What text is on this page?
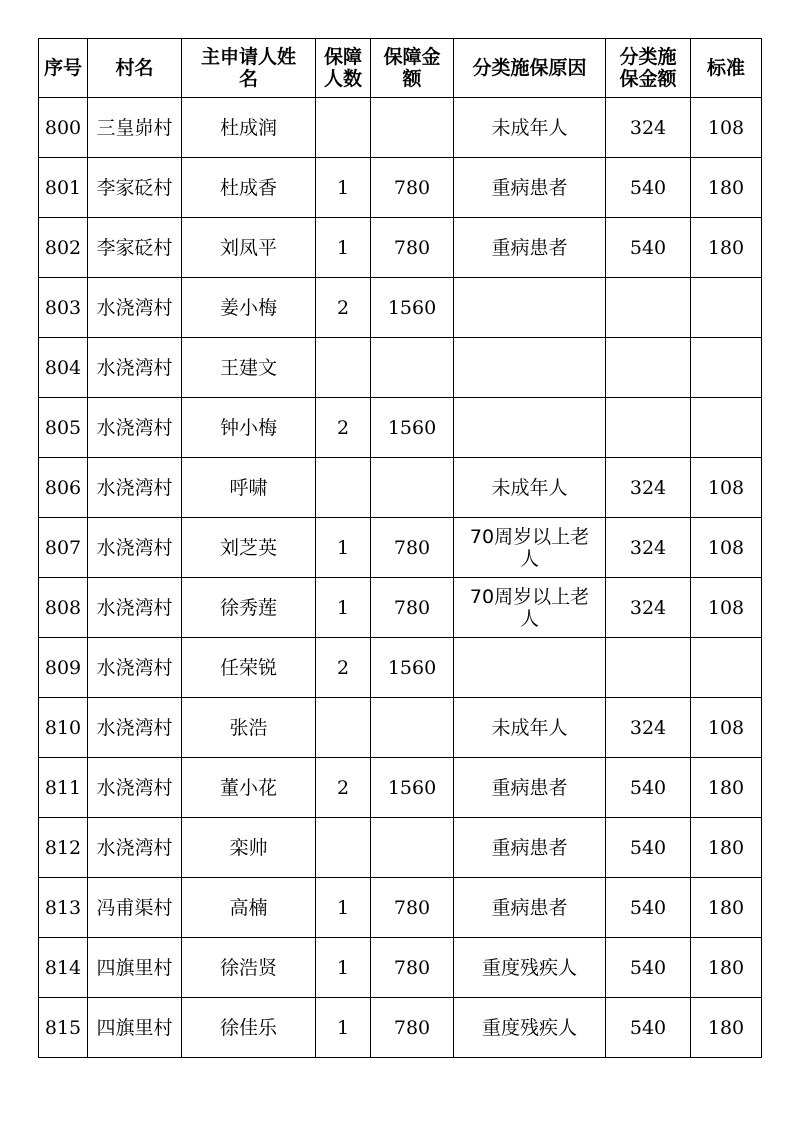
序号	村名	主申请人姓名	保障人数	保障金额	分类施保原因	分类施保金额	标准
800	三皇峁村	杜成润			未成年人	324	108
801	李家砭村	杜成香	1	780	重病患者	540	180
802	李家砭村	刘凤平	1	780	重病患者	540	180
803	水浇湾村	姜小梅	2	1560			
804	水浇湾村	王建文					
805	水浇湾村	钟小梅	2	1560			
806	水浇湾村	呼啸			未成年人	324	108
807	水浇湾村	刘芝英	1	780	70周岁以上老人	324	108
808	水浇湾村	徐秀莲	1	780	70周岁以上老人	324	108
809	水浇湾村	任荣锐	2	1560			
810	水浇湾村	张浩			未成年人	324	108
811	水浇湾村	董小花	2	1560	重病患者	540	180
812	水浇湾村	栾帅			重病患者	540	180
813	冯甫渠村	高楠	1	780	重病患者	540	180
814	四旗里村	徐浩贤	1	780	重度残疾人	540	180
815	四旗里村	徐佳乐	1	780	重度残疾人	540	180
